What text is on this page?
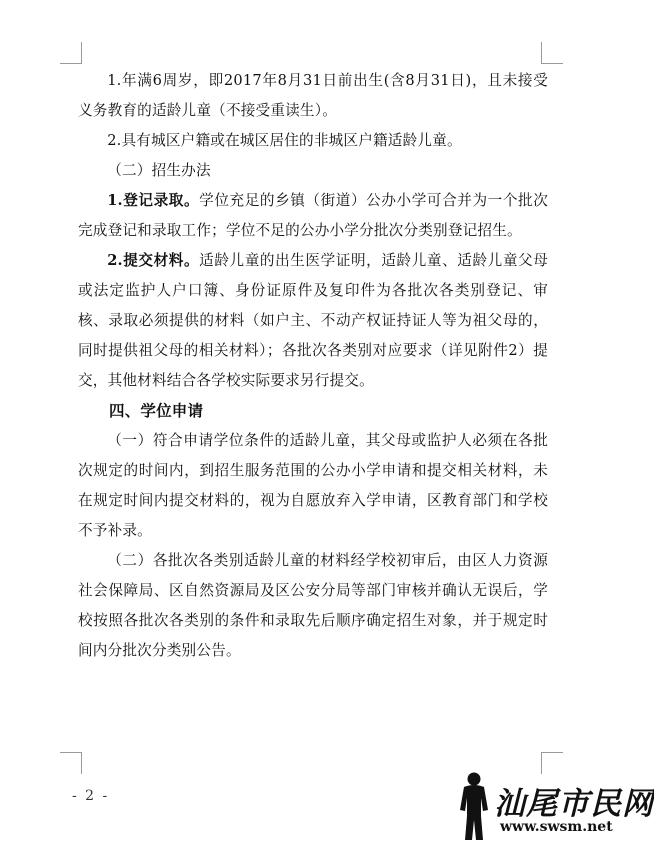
1.年满6周岁，即2017年8月31日前出生(含8月31日)，且未接受义务教育的适龄儿童（不接受重读生）。

2.具有城区户籍或在城区居住的非城区户籍适龄儿童。

（二）招生办法

1.登记录取。学位充足的乡镇（街道）公办小学可合并为一个批次完成登记和录取工作；学位不足的公办小学分批次分类别登记招生。

2.提交材料。适龄儿童的出生医学证明，适龄儿童、适龄儿童父母或法定监护人户口簿、身份证原件及复印件为各批次各类别登记、审核、录取必须提供的材料（如户主、不动产权证持证人等为祖父母的，同时提供祖父母的相关材料）；各批次各类别对应要求（详见附件2）提交，其他材料结合各学校实际要求另行提交。

四、学位申请

（一）符合申请学位条件的适龄儿童，其父母或监护人必须在各批次规定的时间内，到招生服务范围的公办小学申请和提交相关材料，未在规定时间内提交材料的，视为自愿放弃入学申请，区教育部门和学校不予补录。

（二）各批次各类别适龄儿童的材料经学校初审后，由区人力资源社会保障局、区自然资源局及区公安分局等部门审核并确认无误后，学校按照各批次各类别的条件和录取先后顺序确定招生对象，并于规定时间内分批次分类别公告。

- 2 -	汕尾市民网
www.swsm.net
